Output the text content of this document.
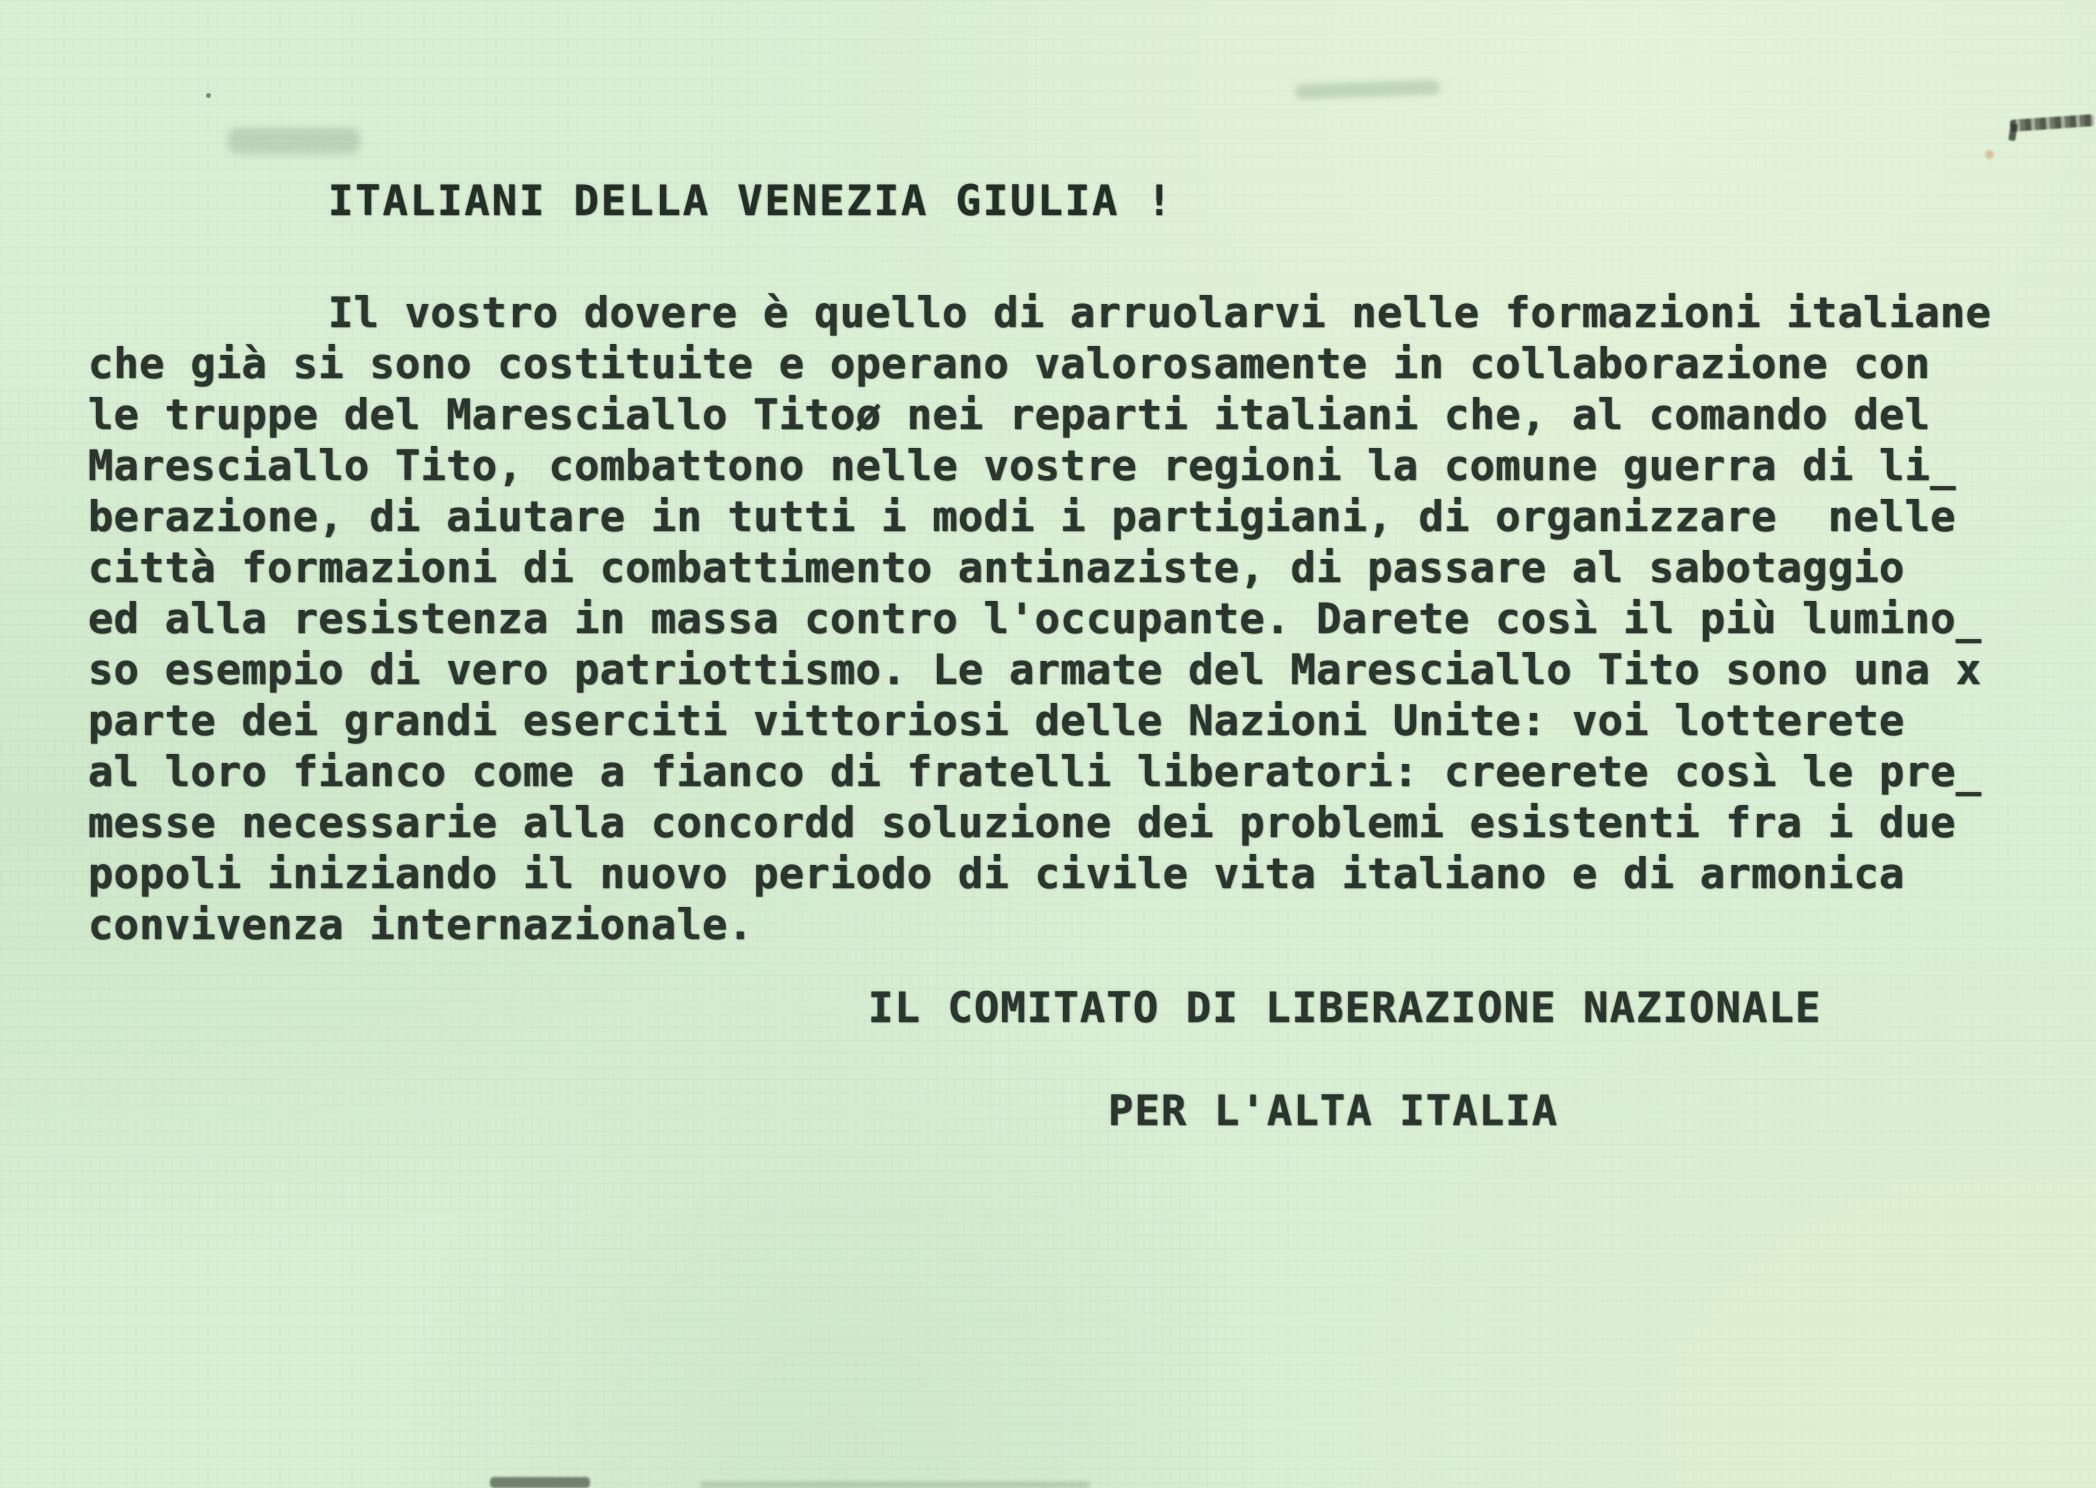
ITALIANI DELLA VENEZIA GIULIA !
Il vostro dovere è quello di arruolarvi nelle formazioni italiane
che già si sono costituite e operano valorosamente in collaborazione con
le truppe del Maresciallo Titoø nei reparti italiani che, al comando del
Maresciallo Tito, combattono nelle vostre regioni la comune guerra di li_
berazione, di aiutare in tutti i modi i partigiani, di organizzare  nelle
città formazioni di combattimento antinaziste, di passare al sabotaggio
ed alla resistenza in massa contro l'occupante. Darete così il più lumino_
so esempio di vero patriottismo. Le armate del Maresciallo Tito sono una x
parte dei grandi eserciti vittoriosi delle Nazioni Unite: voi lotterete
al loro fianco come a fianco di fratelli liberatori: creerete così le pre_
messe necessarie alla concordd soluzione dei problemi esistenti fra i due
popoli iniziando il nuovo periodo di civile vita italiano e di armonica
convivenza internazionale.
IL COMITATO DI LIBERAZIONE NAZIONALE
PER L'ALTA ITALIA
